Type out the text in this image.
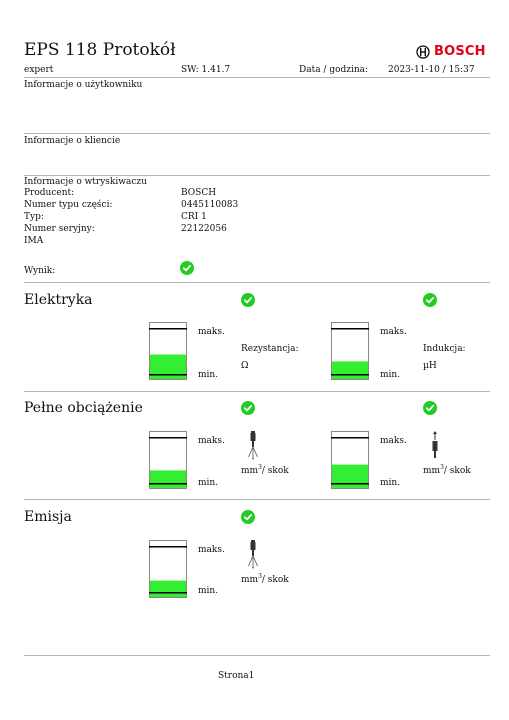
EPS 118 Protokół	BOSCH
expert	SW: 1.41.7	Data / godzina: 2023-11-10 / 15:37
Informacje o użytkowniku
Informacje o kliencie
Informacje o wtryskiwaczu
Producent:	BOSCH
Numer typu części:	0445110083
Typ:	CRI 1
Numer seryjny:	22122056
IMA
Wynik:
Elektryka
maks.
min.
Rezystancja:
Ω
maks.
min.
Indukcja:
µH
Pełne obciążenie
maks.
min.
$mm^3/$ skok
maks.
min.
$mm^3/$ skok
Emisja
maks.
min.
$mm^3/$ skok
Strona1
